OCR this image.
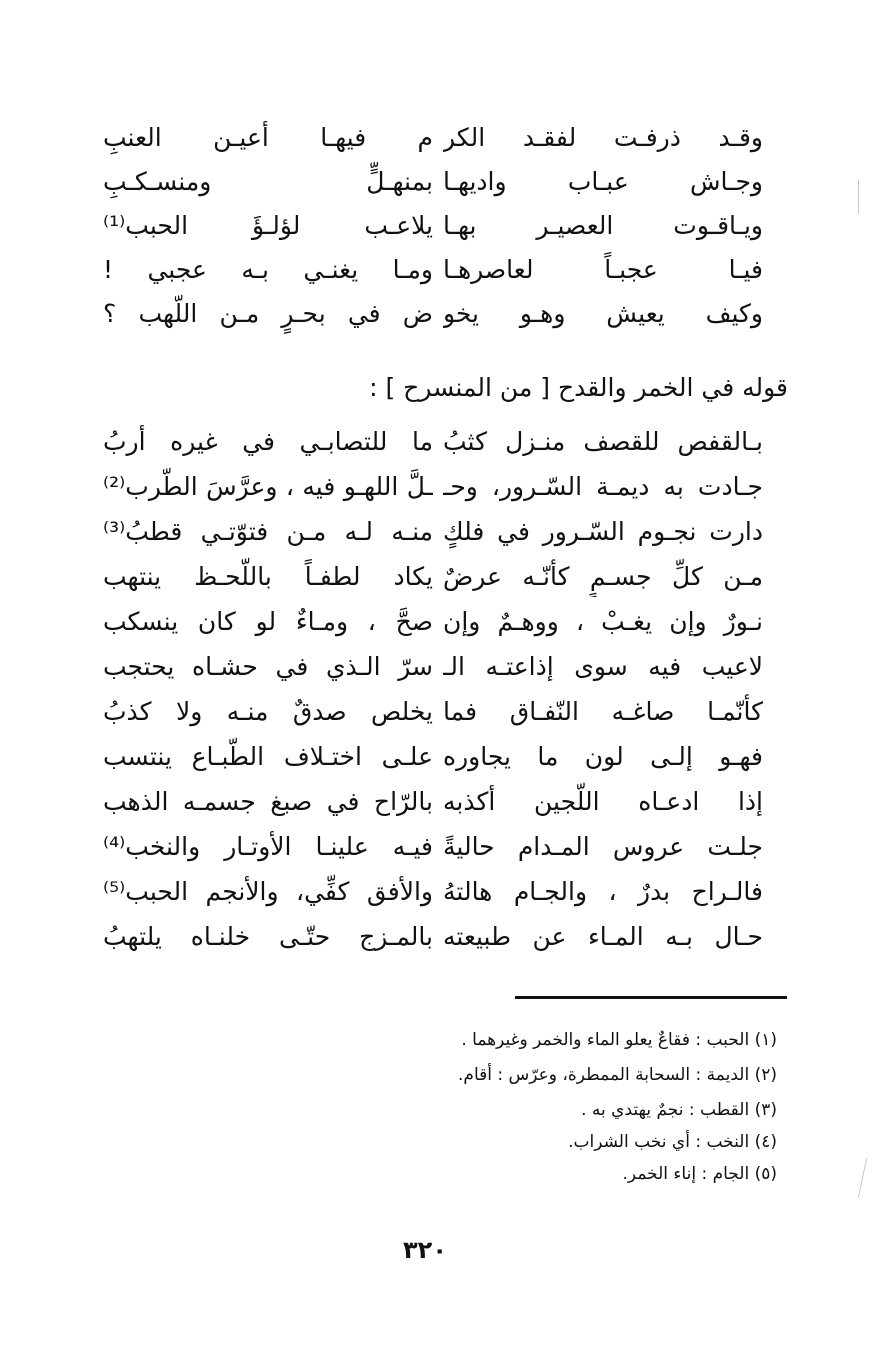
وقـد ذرفـت لفقـد الكر
م فيهـا أعيـن العنبِ
وجـاش عبـاب واديهـا
بمنهـلٍّ ومنسـكـبِ
ويـاقـوت العصيـر بهـا
يلاعـب لؤلـؤَ الحبب⁽¹⁾
فيـا عجبـاً لعاصرهـا
ومـا يغنـي بـه عجبي !
وكيف يعيش وهـو يخو
ض في بحـرٍ مـن اللّهب ؟
قوله في الخمر والقدح [ من المنسرح ] :
بـالقفص للقصف منـزل كثبُ
ما للتصابـي في غيره أربُ
جـادت به ديمـة السّـرور، وحـ
ـلَّ اللهـو فيه ، وعرَّسَ الطّرب⁽²⁾
دارت نجـوم السّـرور في فلكٍ
منـه لـه مـن فتوّتـي قطبُ⁽³⁾
مـن كلِّ جسـمٍ كأنّـه عرضٌ
يكاد لطفـاً باللّحـظ ينتهب
نـورٌ وإن يغـبْ ، ووهـمٌ وإن
صحَّ ، ومـاءٌ لو كان ينسكب
لاعيب فيه سوى إذاعتـه الـ
سرّ الـذي في حشـاه يحتجب
كأنّمـا صاغـه النّفـاق فما
يخلص صدقٌ منـه ولا كذبُ
فهـو إلـى لون ما يجاوره
علـى اختـلاف الطّبـاع ينتسب
إذا ادعـاه اللّجين أكذبه
بالرّاح في صبغ جسمـه الذهب
جلـت عروس المـدام حاليةً
فيـه علينـا الأوتـار والنخب⁽⁴⁾
فالـراح بدرٌ ، والجـام هالتهُ
والأفق كفِّي، والأنجم الحبب⁽⁵⁾
حـال بـه المـاء عن طبيعته
بالمـزج حتّـى خلنـاه يلتهبُ
(١) الحبب : فقاعٌ يعلو الماء والخمر وغيرهما .
(٢) الديمة : السحابة الممطرة، وعرّس : أقام.
(٣) القطب : نجمٌ يهتدي به .
(٤) النخب : أي نخب الشراب.
(٥) الجام : إناء الخمر.
٣٢٠
